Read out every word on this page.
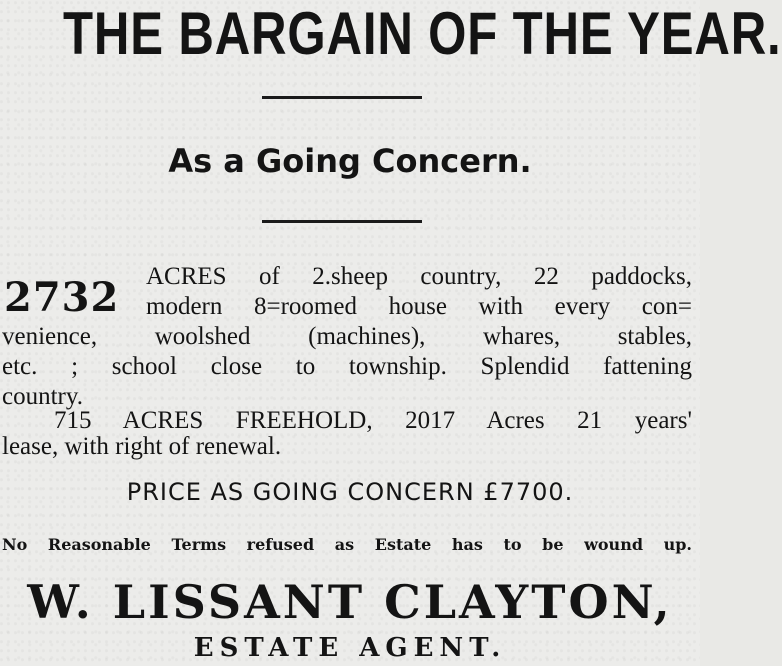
THE BARGAIN OF THE YEAR.
As a Going Concern.
2732 ACRES of 2.sheep country, 22 paddocks,
modern 8=roomed house with every con=
venience, woolshed (machines), whares, stables,
etc. ; school close to township. Splendid fattening
country.
715 ACRES FREEHOLD, 2017 Acres 21 years'
lease, with right of renewal.
PRICE AS GOING CONCERN £7700.
No Reasonable Terms refused as Estate has to be wound up.
W. LISSANT CLAYTON,
ESTATE AGENT.
